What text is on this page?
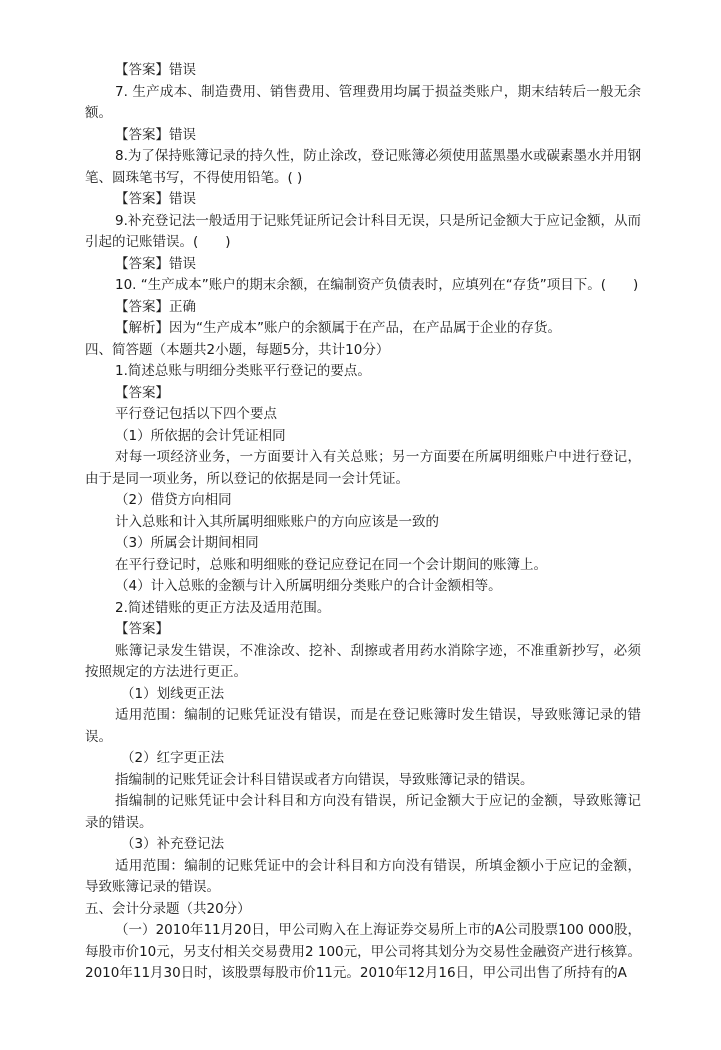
【答案】错误

7. 生产成本、制造费用、销售费用、管理费用均属于损益类账户，期末结转后一般无余额。

【答案】错误

8.为了保持账簿记录的持久性，防止涂改，登记账簿必须使用蓝黑墨水或碳素墨水并用钢笔、圆珠笔书写，不得使用铅笔。( )

【答案】错误

9.补充登记法一般适用于记账凭证所记会计科目无误，只是所记金额大于应记金额，从而引起的记账错误。(　　)

【答案】错误

10. “生产成本”账户的期末余额，在编制资产负债表时，应填列在“存货”项目下。(　　)

【答案】正确

【解析】因为“生产成本”账户的余额属于在产品，在产品属于企业的存货。

四、简答题（本题共2小题，每题5分，共计10分）

1.简述总账与明细分类账平行登记的要点。

【答案】

平行登记包括以下四个要点

（1）所依据的会计凭证相同

对每一项经济业务，一方面要计入有关总账；另一方面要在所属明细账户中进行登记，由于是同一项业务，所以登记的依据是同一会计凭证。

（2）借贷方向相同

计入总账和计入其所属明细账账户的方向应该是一致的

（3）所属会计期间相同

在平行登记时，总账和明细账的登记应登记在同一个会计期间的账簿上。

（4）计入总账的金额与计入所属明细分类账户的合计金额相等。

2.简述错账的更正方法及适用范围。

【答案】

账簿记录发生错误，不准涂改、挖补、刮擦或者用药水消除字迹，不准重新抄写，必须按照规定的方法进行更正。

（1）划线更正法

适用范围：编制的记账凭证没有错误，而是在登记账簿时发生错误，导致账簿记录的错误。

（2）红字更正法

指编制的记账凭证会计科目错误或者方向错误，导致账簿记录的错误。

指编制的记账凭证中会计科目和方向没有错误，所记金额大于应记的金额，导致账簿记录的错误。

（3）补充登记法

适用范围：编制的记账凭证中的会计科目和方向没有错误，所填金额小于应记的金额，导致账簿记录的错误。

五、会计分录题（共20分）

（一）2010年11月20日，甲公司购入在上海证券交易所上市的A公司股票100 000股，每股市价10元，另支付相关交易费用2 100元，甲公司将其划分为交易性金融资产进行核算。2010年11月30日时，该股票每股市价11元。2010年12月16日，甲公司出售了所持有的A
